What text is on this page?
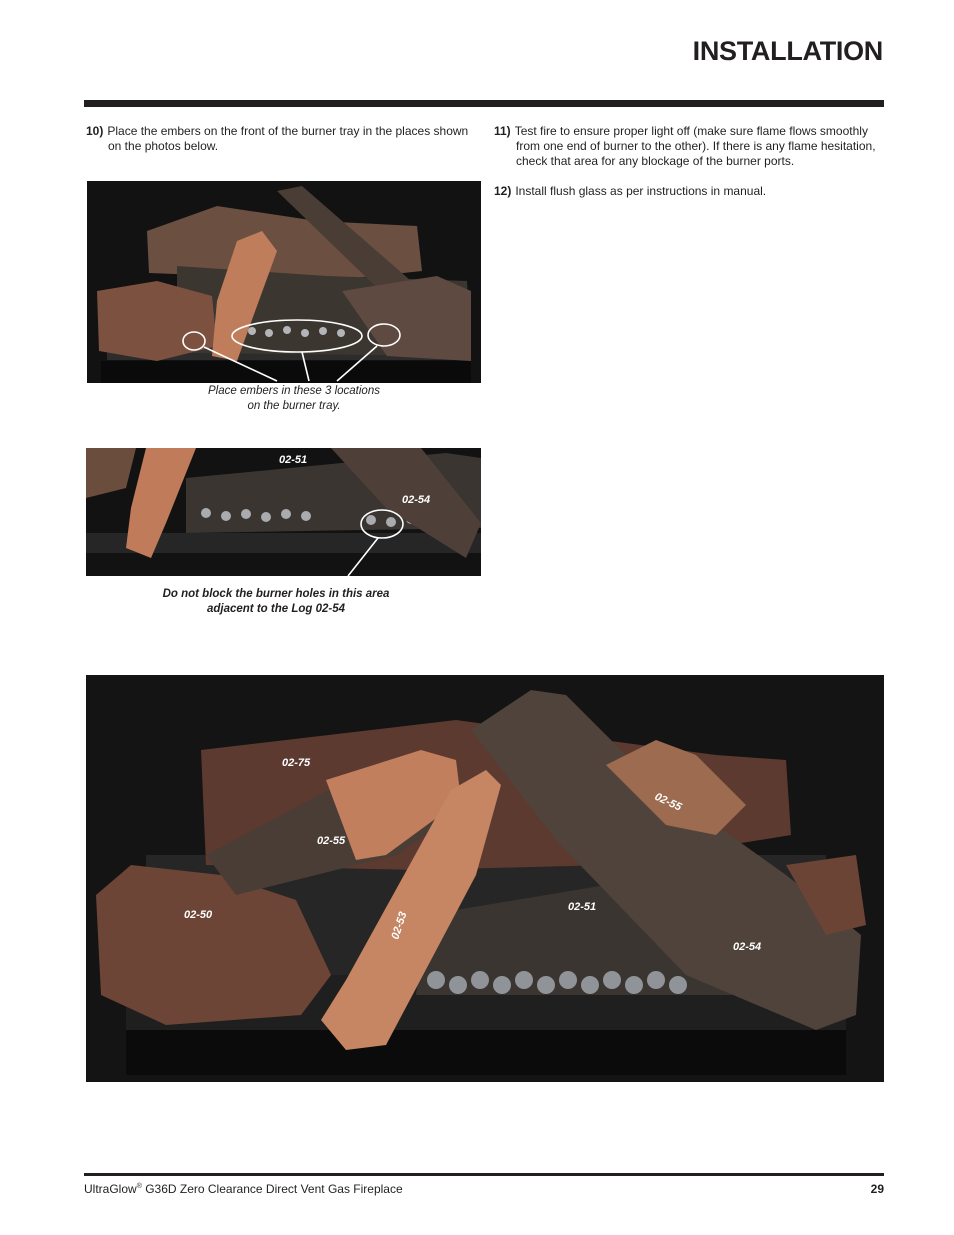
INSTALLATION
10) Place the embers on the front of the burner tray in the places shown
on the photos below.
11) Test fire to ensure proper light off (make sure flame flows smoothly
from one end of burner to the other). If there is any flame hesitation,
check that area for any blockage of the burner ports.
12) Install flush glass as per instructions in manual.
Place embers in these 3 locations
on the burner tray.
02-51
02-54
Do not block the burner holes in this area
adjacent to the Log 02-54
02-75
02-55
02-55
02-50	02-53
02-51
02-54
UltraGlow® G36D Zero Clearance Direct Vent Gas Fireplace	29
